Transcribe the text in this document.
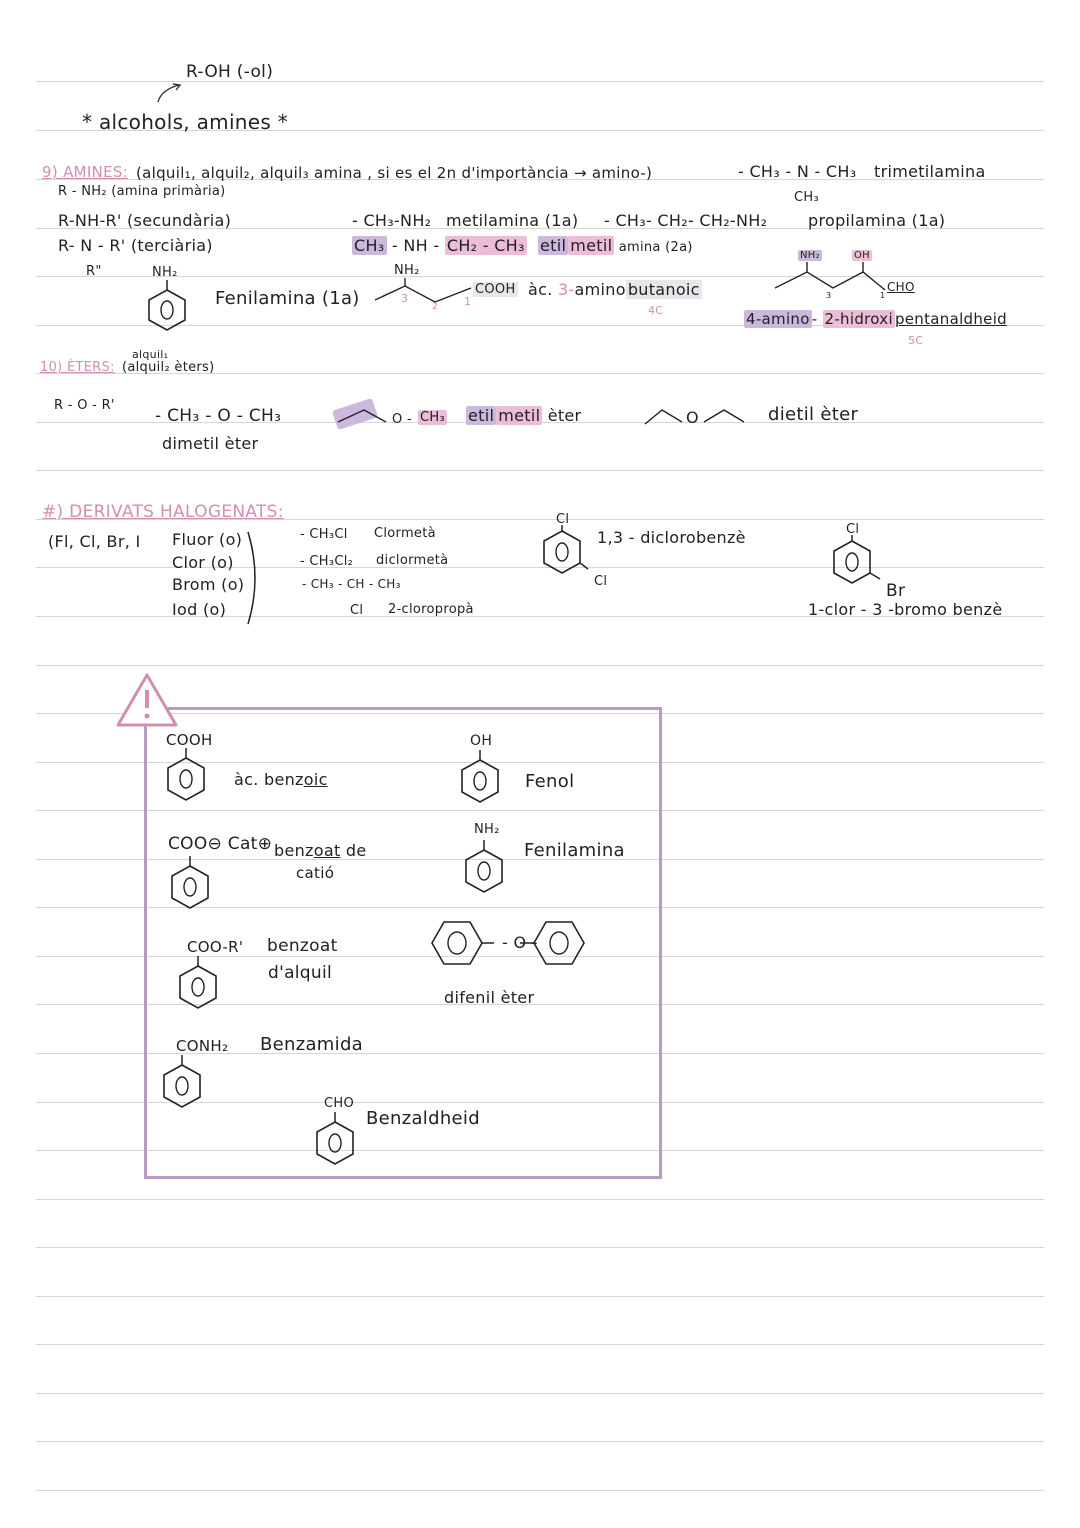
R-OH (-ol)
* alcohols, amines *
9) AMINES: (alquil₁, alquil₂, alquil₃ amina , si es el 2n d'importància → amino-)
R - NH₂ (amina primària)
R-NH-R' (secundària)
R- N - R' (terciària)
R"
- CH₃-NH₂ metilamina (1a) - CH₃- CH₂- CH₂-NH₂	propilamina (1a)
- CH₃ - N - CH₃
CH₃
trimetilamina
CH₃ - NH - CH₂ - CH₃ etil metil amina (2a)
NH₂
Fenilamina (1a)
NH₂
3
2 1
COOH àc. 3-amino butanoic
4C
NH₂	OH
CHO
3	1
4-amino - 2-hidroxi pentanaldheid
5C
alquil₁
10) ÈTERS: (alquil₂ èters)
R - O - R'
- CH₃ - O - CH₃
dimetil èter
O - CH₃ etil metil èter	O	dietil èter
#) DERIVATS HALOGENATS:
(Fl, Cl, Br, I Fluor (o)
Clor (o)
Brom (o)
Iod (o)
- CH₃Cl Clormetà
- CH₃Cl₂ diclormetà
- CH₃ - CH - CH₃
Cl 2-cloropropà
Cl
Cl
1,3 - diclorobenzè	Cl
Br
1-clor - 3 -bromo benzè
COOH
àc. benzoic
OH
Fenol
COO⊖ Cat⊕ benzoat de
catió
NH₂
Fenilamina
COO-R' benzoat
d'alquil
- O -
difenil èter
CONH₂ Benzamida
CHO
Benzaldheid
